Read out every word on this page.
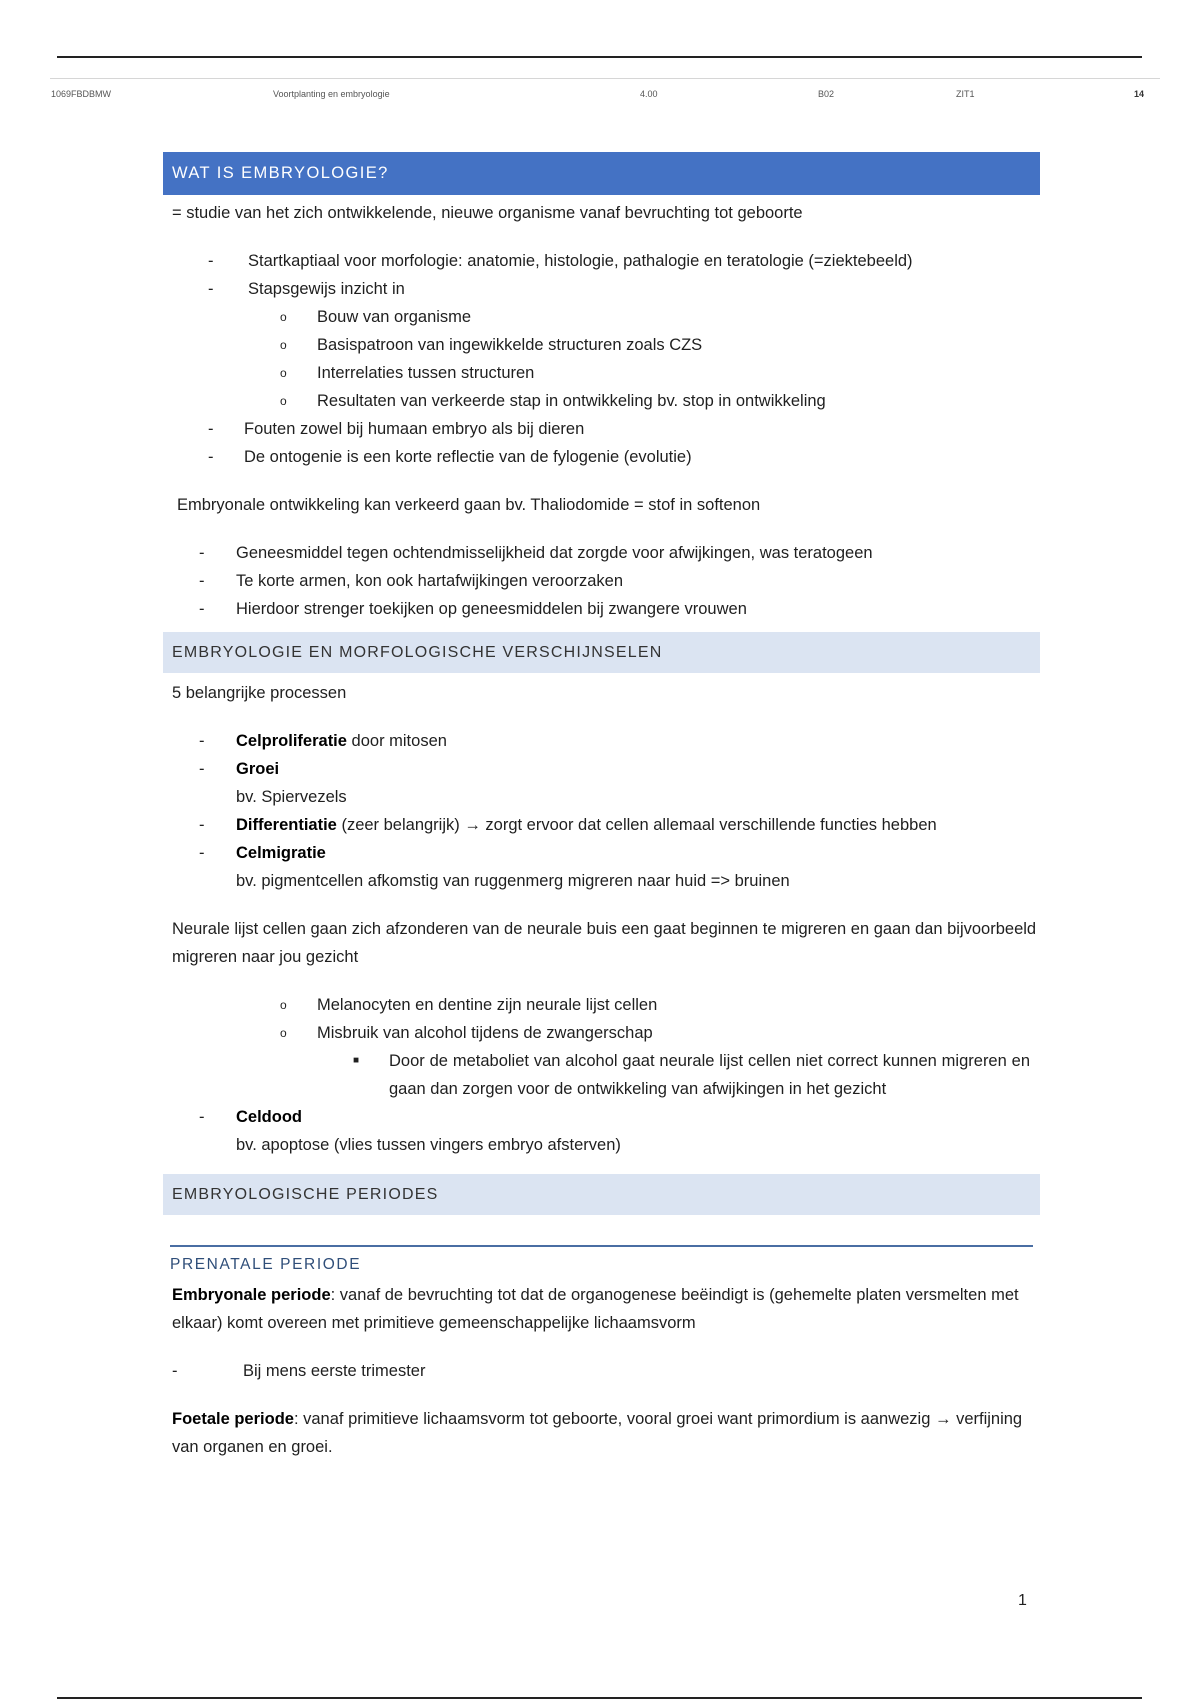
1069FBDBMW	Voortplanting en embryologie	4.00	B02	ZIT1	14
WAT IS EMBRYOLOGIE?
= studie van het zich ontwikkelende, nieuwe organisme vanaf bevruchting tot geboorte
- Startkaptiaal voor morfologie: anatomie, histologie, pathalogie en teratologie (=ziektebeeld)
- Stapsgewijs inzicht in
o Bouw van organisme
o Basispatroon van ingewikkelde structuren zoals CZS
o Interrelaties tussen structuren
o Resultaten van verkeerde stap in ontwikkeling bv. stop in ontwikkeling
- Fouten zowel bij humaan embryo als bij dieren
- De ontogenie is een korte reflectie van de fylogenie (evolutie)
Embryonale ontwikkeling kan verkeerd gaan bv. Thaliodomide = stof in softenon
- Geneesmiddel tegen ochtendmisselijkheid dat zorgde voor afwijkingen, was teratogeen
- Te korte armen, kon ook hartafwijkingen veroorzaken
- Hierdoor strenger toekijken op geneesmiddelen bij zwangere vrouwen
EMBRYOLOGIE EN MORFOLOGISCHE VERSCHIJNSELEN
5 belangrijke processen
- Celproliferatie door mitosen
- Groei
bv. Spiervezels
- Differentiatie (zeer belangrijk) → zorgt ervoor dat cellen allemaal verschillende functies hebben
- Celmigratie
bv. pigmentcellen afkomstig van ruggenmerg migreren naar huid => bruinen
Neurale lijst cellen gaan zich afzonderen van de neurale buis een gaat beginnen te migreren en gaan dan bijvoorbeeld migreren naar jou gezicht
o Melanocyten en dentine zijn neurale lijst cellen
o Misbruik van alcohol tijdens de zwangerschap
■ Door de metaboliet van alcohol gaat neurale lijst cellen niet correct kunnen migreren en gaan dan zorgen voor de ontwikkeling van afwijkingen in het gezicht
- Celdood
bv. apoptose (vlies tussen vingers embryo afsterven)
EMBRYOLOGISCHE PERIODES
PRENATALE PERIODE
Embryonale periode: vanaf de bevruchting tot dat de organogenese beëindigt is (gehemelte platen versmelten met elkaar) komt overeen met primitieve gemeenschappelijke lichaamsvorm
-	Bij mens eerste trimester
Foetale periode: vanaf primitieve lichaamsvorm tot geboorte, vooral groei want primordium is aanwezig → verfijning van organen en groei.
1
